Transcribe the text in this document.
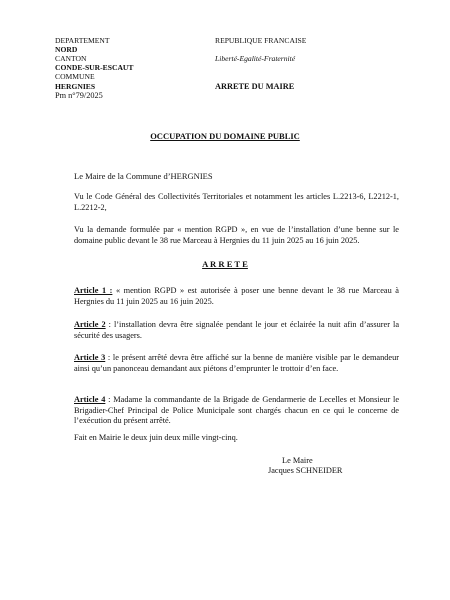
DEPARTEMENT
NORD
CANTON
CONDE-SUR-ESCAUT
COMMUNE
HERGNIES
Pm n°79/2025
REPUBLIQUE FRANCAISE
Liberté-Egalité-Fraternité
ARRETE DU MAIRE
OCCUPATION DU DOMAINE PUBLIC
Le Maire de la Commune d’HERGNIES
Vu le Code Général des Collectivités Territoriales et notamment les articles L.2213-6, L2212-1, L.2212-2,
Vu la demande formulée par « mention RGPD », en vue de l’installation d’une benne sur le domaine public devant le 38 rue Marceau à Hergnies du 11 juin 2025 au 16 juin 2025.
A R R E T E
Article 1 : « mention RGPD » est autorisée à poser une benne devant le 38 rue Marceau à Hergnies du 11 juin 2025 au 16 juin 2025.
Article 2 : l’installation devra être signalée pendant le jour et éclairée la nuit afin d’assurer la sécurité des usagers.
Article 3 : le présent arrêté devra être affiché sur la benne de manière visible par le demandeur ainsi qu’un panonceau demandant aux piétons d’emprunter le trottoir d’en face.
Article 4 : Madame la commandante de la Brigade de Gendarmerie de Lecelles et Monsieur le Brigadier-Chef Principal de Police Municipale sont chargés chacun en ce qui le concerne de l’exécution du présent arrêté.
Fait en Mairie le deux juin deux mille vingt-cinq.
Le Maire
Jacques SCHNEIDER
